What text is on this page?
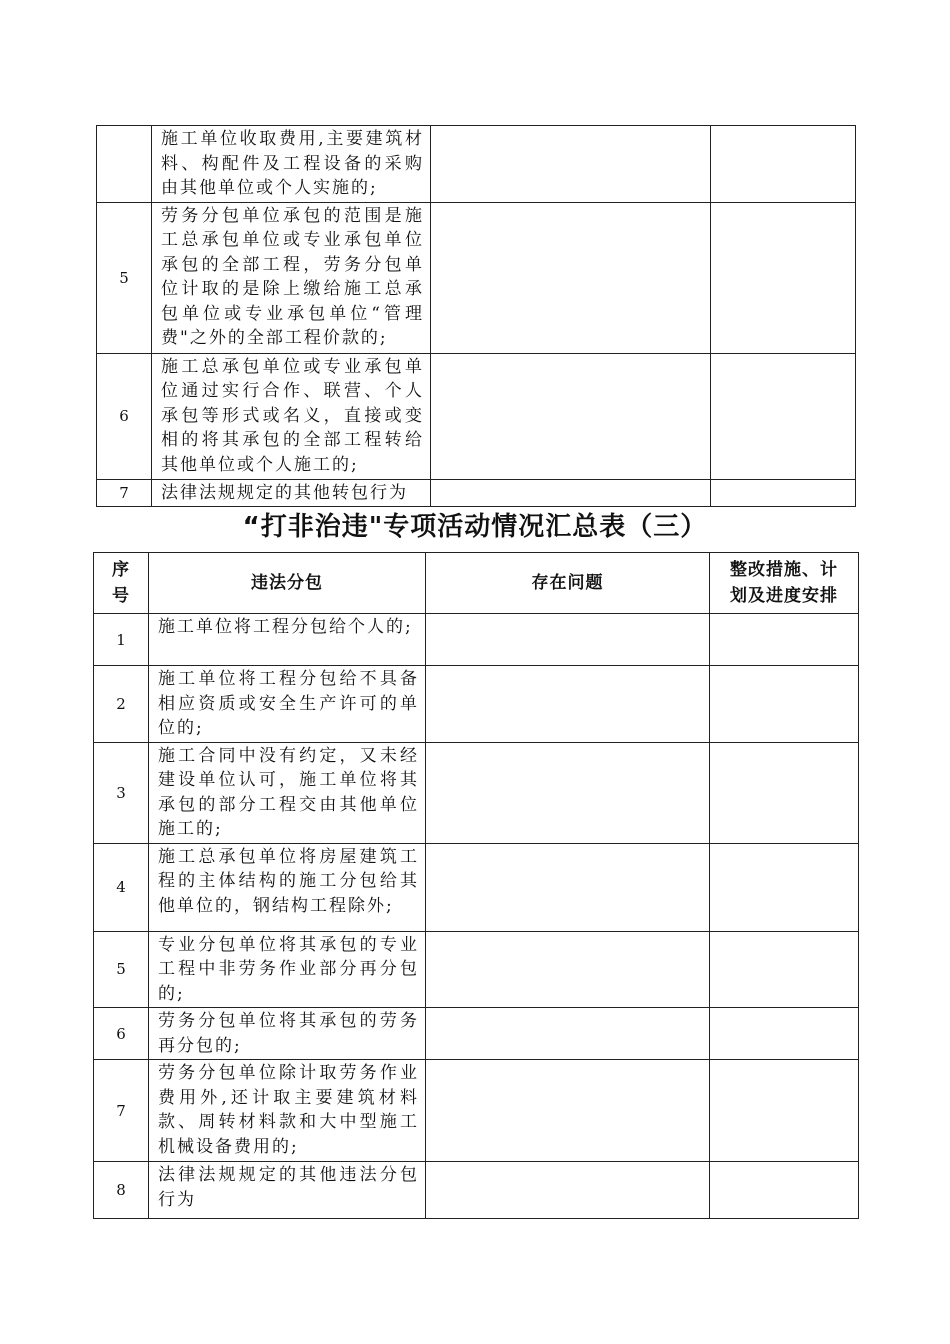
	施工单位收取费用,主要建筑材料、构配件及工程设备的采购由其他单位或个人实施的;		
5	劳务分包单位承包的范围是施工总承包单位或专业承包单位承包的全部工程，劳务分包单位计取的是除上缴给施工总承包单位或专业承包单位“管理费"之外的全部工程价款的;		
6	施工总承包单位或专业承包单位通过实行合作、联营、个人承包等形式或名义，直接或变相的将其承包的全部工程转给其他单位或个人施工的;		
7	法律法规规定的其他转包行为		
“打非治违"专项活动情况汇总表（三）
序号	违法分包	存在问题	整改措施、计划及进度安排
1	施工单位将工程分包给个人的;		
2	施工单位将工程分包给不具备相应资质或安全生产许可的单位的;		
3	施工合同中没有约定，又未经建设单位认可，施工单位将其承包的部分工程交由其他单位施工的;		
4	施工总承包单位将房屋建筑工程的主体结构的施工分包给其他单位的，钢结构工程除外;		
5	专业分包单位将其承包的专业工程中非劳务作业部分再分包的;		
6	劳务分包单位将其承包的劳务再分包的;		
7	劳务分包单位除计取劳务作业费用外,还计取主要建筑材料款、周转材料款和大中型施工机械设备费用的;		
8	法律法规规定的其他违法分包行为		
